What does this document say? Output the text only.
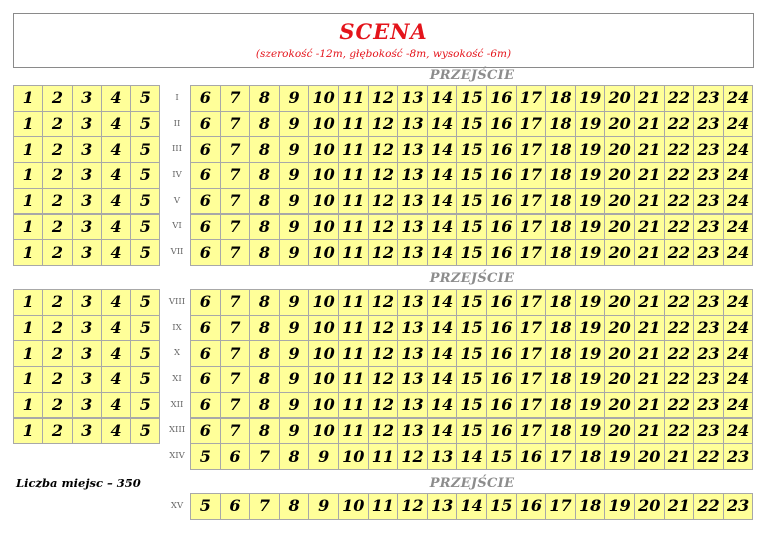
SCENA
(szerokość -12m, głębokość -8m, wysokość -6m)
PRZEJŚCIE
PRZEJŚCIE
PRZEJŚCIE
Liczba miejsc – 350
I
1	2	3	4	5	6	7	8	9 10 11 12 13 14 15 16 17 18 19 20 21 22 23 24
II
1	2	3	4	5	6	7	8	9 10 11 12 13 14 15 16 17 18 19 20 21 22 23 24
III
1	2	3	4	5	6	7	8	9 10 11 12 13 14 15 16 17 18 19 20 21 22 23 24
IV
1	2	3	4	5	6	7	8	9 10 11 12 13 14 15 16 17 18 19 20 21 22 23 24
V
1	2	3	4	5	6	7	8	9 10 11 12 13 14 15 16 17 18 19 20 21 22 23 24
VI
1	2	3	4	5	6	7	8	9 10 11 12 13 14 15 16 17 18 19 20 21 22 23 24
VII
1	2	3	4	5	6	7	8	9 10 11 12 13 14 15 16 17 18 19 20 21 22 23 24
VIII
1	2	3	4	5	6	7	8	9 10 11 12 13 14 15 16 17 18 19 20 21 22 23 24
IX
1	2	3	4	5	6	7	8	9 10 11 12 13 14 15 16 17 18 19 20 21 22 23 24
X
1	2	3	4	5	6	7	8	9 10 11 12 13 14 15 16 17 18 19 20 21 22 23 24
XI
1	2	3	4	5	6	7	8	9 10 11 12 13 14 15 16 17 18 19 20 21 22 23 24
XII
1	2	3	4	5	6	7	8	9 10 11 12 13 14 15 16 17 18 19 20 21 22 23 24
XIII
1	2	3	4	5	6	7	8	9 10 11 12 13 14 15 16 17 18 19 20 21 22 23 24
XIV 5	6	7	8	9 10 11 12 13 14 15 16 17 18 19 20 21 22 23
XV	5	6	7	8	9 10 11 12 13 14 15 16 17 18 19 20 21 22 23
